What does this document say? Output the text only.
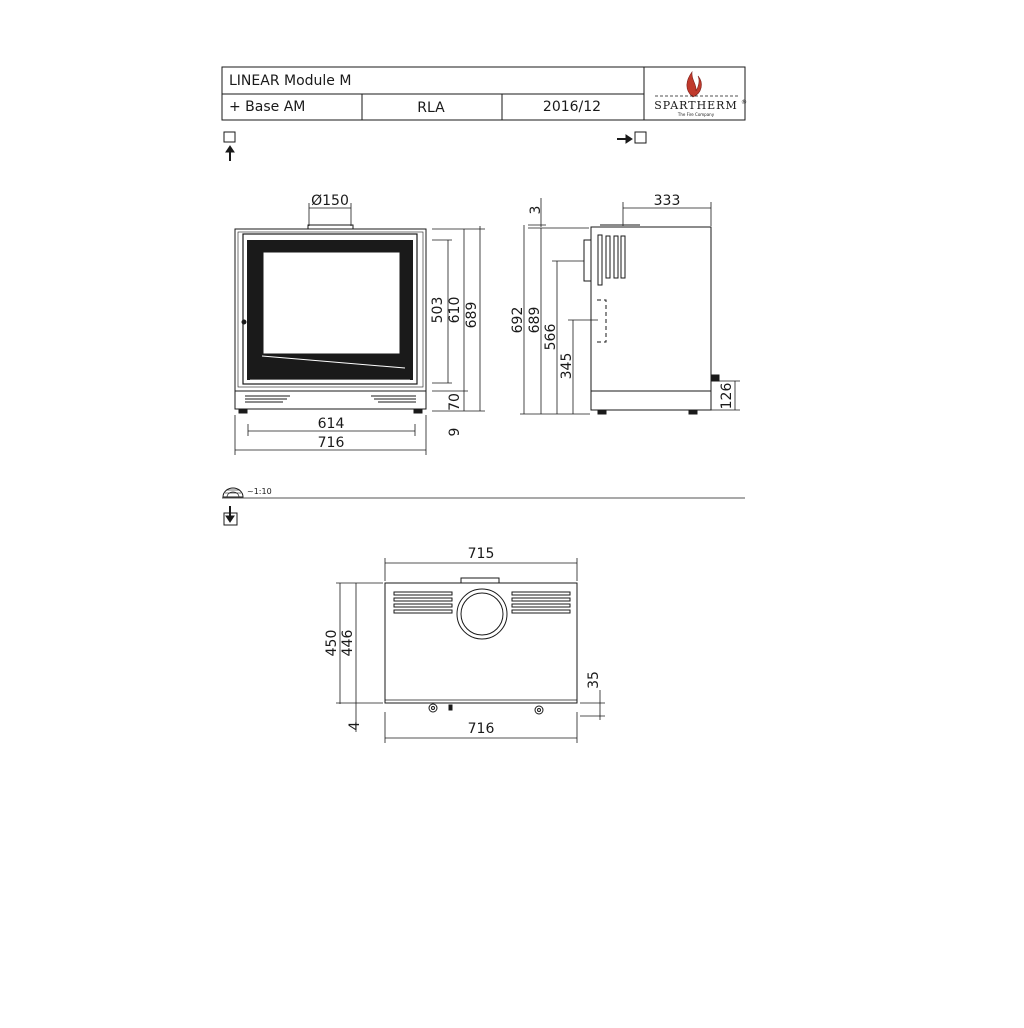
LINEAR Module M
+ Base AM	RLA	2016/12	SPARTHERM ®
The Fire Company
Ø150
503 610 689
70
9
614
716
3
333
692 689
566
345
126
~1:10
715
716
450 446
35
4
